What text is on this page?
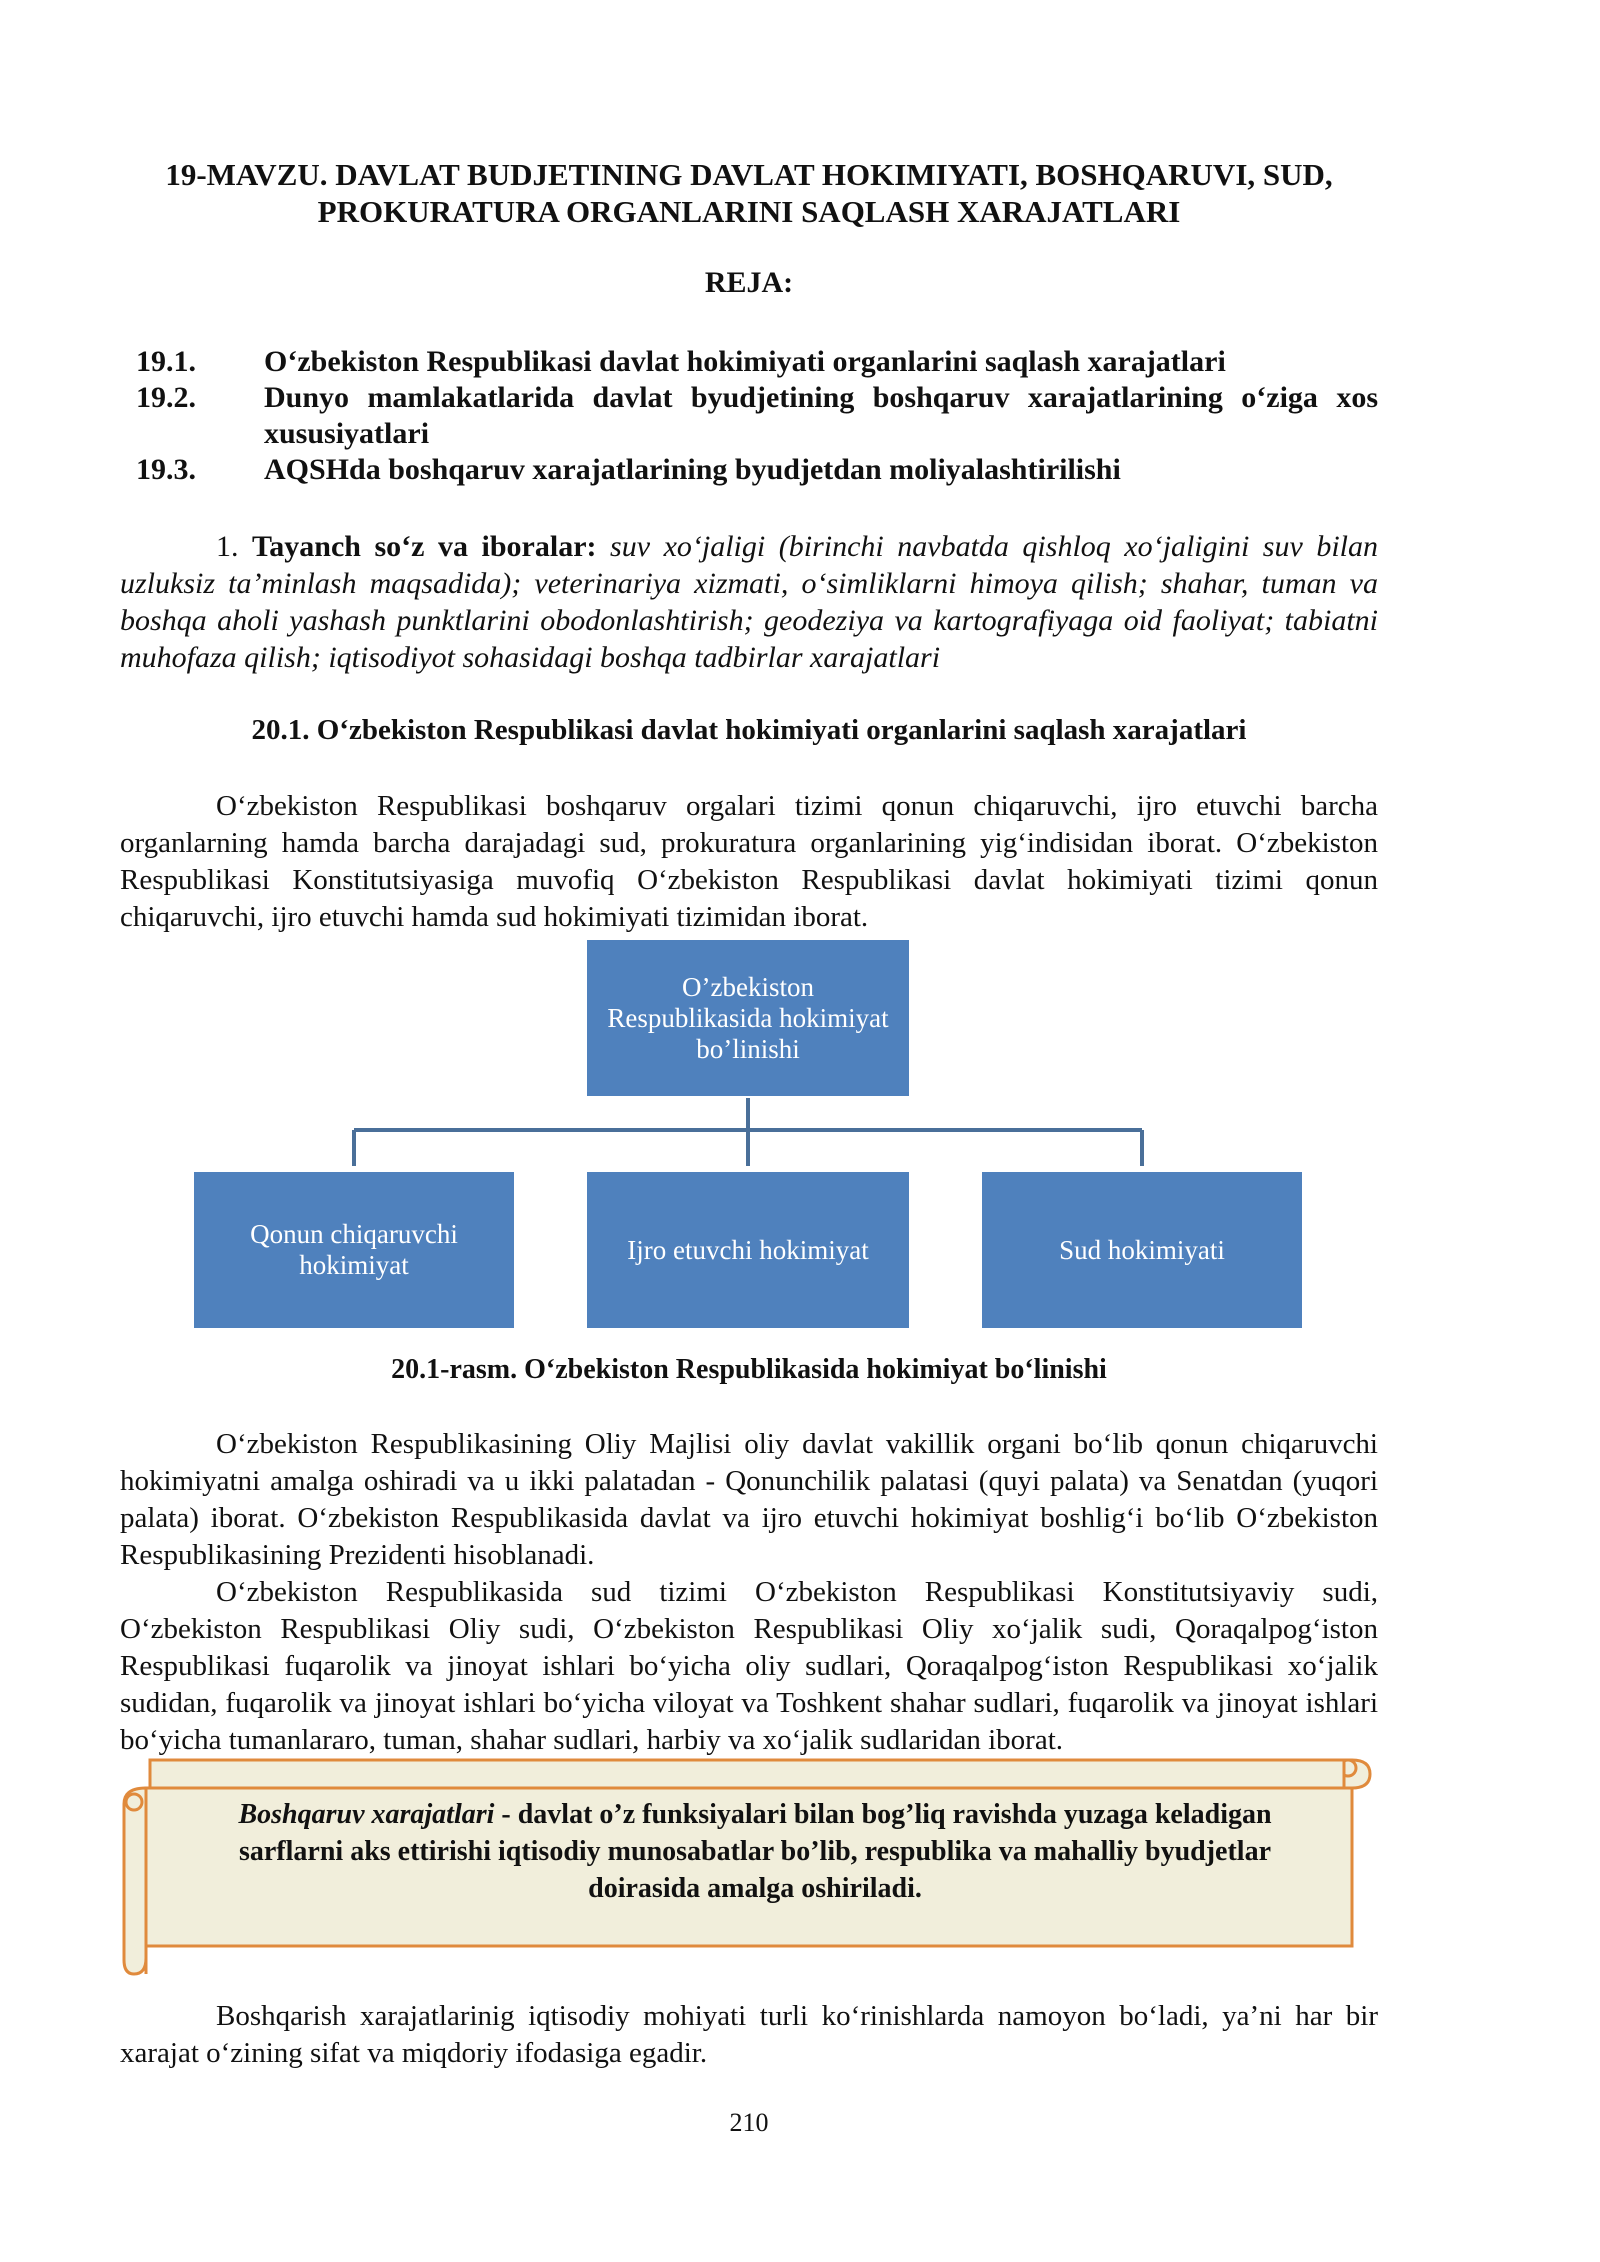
19-MAVZU. DAVLAT BUDJETINING DAVLAT HOKIMIYATI, BOSHQARUVI, SUD,
PROKURATURA ORGANLARINI SAQLASH XARAJATLARI
REJA:
19.1.	O‘zbekiston Respublikasi davlat hokimiyati organlarini saqlash xarajatlari
19.2.	Dunyo mamlakatlarida davlat byudjetining boshqaruv xarajatlarining o‘ziga xos xususiyatlari
19.3.	AQSHda boshqaruv xarajatlarining byudjetdan moliyalashtirilishi
1. Tayanch so‘z va iboralar: suv xo‘jaligi (birinchi navbatda qishloq xo‘jaligini suv bilan uzluksiz ta’minlash maqsadida); veterinariya xizmati, o‘simliklarni himoya qilish; shahar, tuman va boshqa aholi yashash punktlarini obodonlashtirish; geodeziya va kartografiyaga oid faoliyat; tabiatni muhofaza qilish; iqtisodiyot sohasidagi boshqa tadbirlar xarajatlari
20.1. O‘zbekiston Respublikasi davlat hokimiyati organlarini saqlash xarajatlari

O‘zbekiston Respublikasi boshqaruv orgalari tizimi qonun chiqaruvchi, ijro etuvchi barcha organlarning hamda barcha darajadagi sud, prokuratura organlarining yig‘indisidan iborat. O‘zbekiston Respublikasi Konstitutsiyasiga muvofiq O‘zbekiston Respublikasi davlat hokimiyati tizimi qonun chiqaruvchi, ijro etuvchi hamda sud hokimiyati tizimidan iborat.

O’zbekiston Respublikasida hokimiyat bo’linishi
Qonun chiqaruvchi hokimiyat
Ijro etuvchi hokimiyat	Sud hokimiyati
20.1-rasm. O‘zbekiston Respublikasida hokimiyat bo‘linishi

O‘zbekiston Respublikasining Oliy Majlisi oliy davlat vakillik organi bo‘lib qonun chiqaruvchi hokimiyatni amalga oshiradi va u ikki palatadan - Qonunchilik palatasi (quyi palata) va Senatdan (yuqori palata) iborat. O‘zbekiston Respublikasida davlat va ijro etuvchi hokimiyat boshlig‘i bo‘lib O‘zbekiston Respublikasining Prezidenti hisoblanadi.

O‘zbekiston Respublikasida sud tizimi O‘zbekiston Respublikasi Konstitutsiyaviy sudi, O‘zbekiston Respublikasi Oliy sudi, O‘zbekiston Respublikasi Oliy xo‘jalik sudi, Qoraqalpog‘iston Respublikasi fuqarolik va jinoyat ishlari bo‘yicha oliy sudlari, Qoraqalpog‘iston Respublikasi xo‘jalik sudidan, fuqarolik va jinoyat ishlari bo‘yicha viloyat va Toshkent shahar sudlari, fuqarolik va jinoyat ishlari bo‘yicha tumanlararo, tuman, shahar sudlari, harbiy va xo‘jalik sudlaridan iborat.

Boshqaruv xarajatlari - davlat o’z funksiyalari bilan bog’liq ravishda yuzaga keladigan sarflarni aks ettirishi iqtisodiy munosabatlar bo’lib, respublika va mahalliy byudjetlar doirasida amalga oshiriladi.

Boshqarish xarajatlarinig iqtisodiy mohiyati turli ko‘rinishlarda namoyon bo‘ladi, ya’ni har bir xarajat o‘zining sifat va miqdoriy ifodasiga egadir.

210
